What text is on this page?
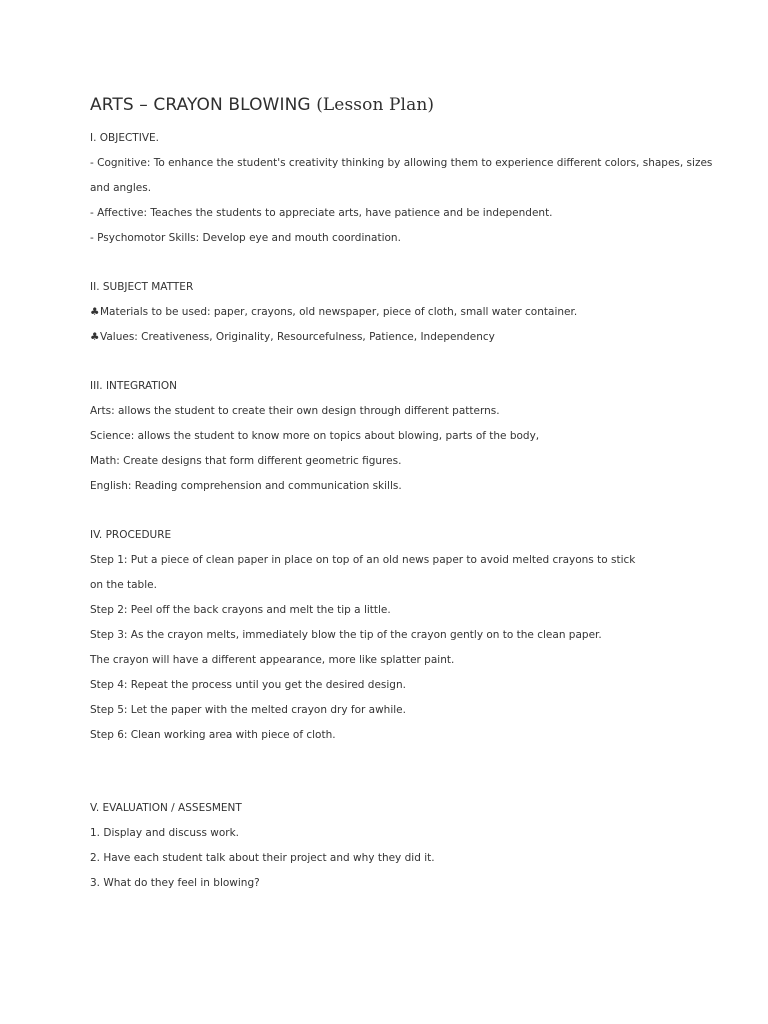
ARTS – CRAYON BLOWING (Lesson Plan)
I. OBJECTIVE.
- Cognitive: To enhance the student's creativity thinking by allowing them to experience different colors, shapes, sizes
and angles.
- Affective: Teaches the students to appreciate arts, have patience and be independent.
- Psychomotor Skills: Develop eye and mouth coordination.
II. SUBJECT MATTER
♣Materials to be used: paper, crayons, old newspaper, piece of cloth, small water container.
♣Values: Creativeness, Originality, Resourcefulness, Patience, Independency
III. INTEGRATION
Arts: allows the student to create their own design through different patterns.
Science: allows the student to know more on topics about blowing, parts of the body,
Math: Create designs that form different geometric figures.
English: Reading comprehension and communication skills.
IV. PROCEDURE
Step 1: Put a piece of clean paper in place on top of an old news paper to avoid melted crayons to stick
on the table.
Step 2: Peel off the back crayons and melt the tip a little.
Step 3: As the crayon melts, immediately blow the tip of the crayon gently on to the clean paper.
The crayon will have a different appearance, more like splatter paint.
Step 4: Repeat the process until you get the desired design.
Step 5: Let the paper with the melted crayon dry for awhile.
Step 6: Clean working area with piece of cloth.
V. EVALUATION / ASSESMENT
1. Display and discuss work.
2. Have each student talk about their project and why they did it.
3. What do they feel in blowing?
